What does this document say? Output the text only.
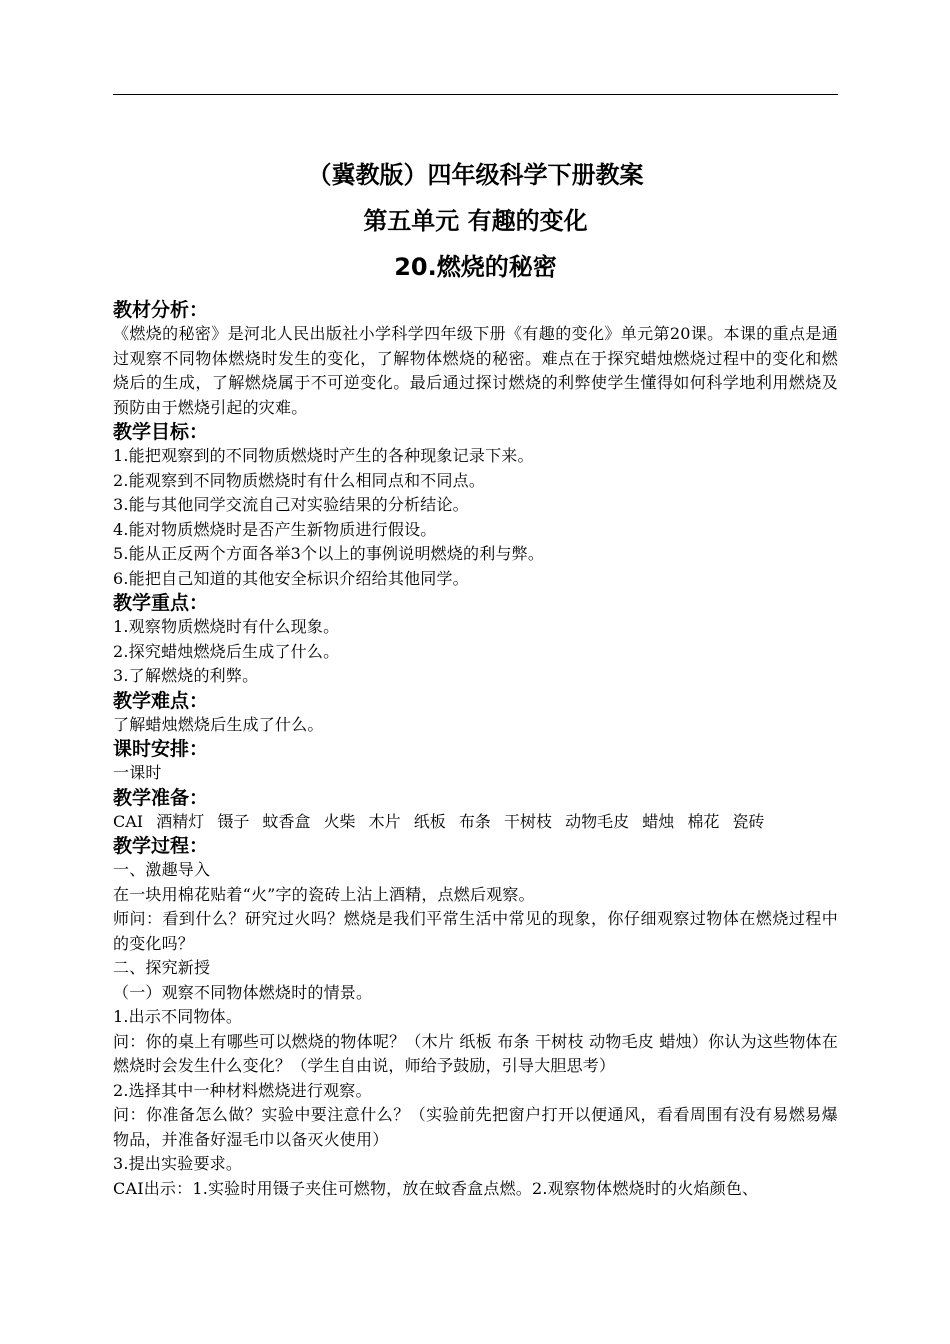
（冀教版）四年级科学下册教案
第五单元 有趣的变化
20.燃烧的秘密
教材分析：

《燃烧的秘密》是河北人民出版社小学科学四年级下册《有趣的变化》单元第20课。本课的重点是通过观察不同物体燃烧时发生的变化，了解物体燃烧的秘密。难点在于探究蜡烛燃烧过程中的变化和燃烧后的生成，了解燃烧属于不可逆变化。最后通过探讨燃烧的利弊使学生懂得如何科学地利用燃烧及预防由于燃烧引起的灾难。

教学目标：

1.能把观察到的不同物质燃烧时产生的各种现象记录下来。

2.能观察到不同物质燃烧时有什么相同点和不同点。

3.能与其他同学交流自己对实验结果的分析结论。

4.能对物质燃烧时是否产生新物质进行假设。

5.能从正反两个方面各举3个以上的事例说明燃烧的利与弊。

6.能把自己知道的其他安全标识介绍给其他同学。

教学重点：

1.观察物质燃烧时有什么现象。

2.探究蜡烛燃烧后生成了什么。

3.了解燃烧的利弊。

教学难点：

了解蜡烛燃烧后生成了什么。

课时安排：

一课时

教学准备：

CAI 酒精灯 镊子 蚊香盒 火柴 木片 纸板 布条 干树枝 动物毛皮 蜡烛 棉花 瓷砖

教学过程：

一、激趣导入

在一块用棉花贴着“火”字的瓷砖上沾上酒精，点燃后观察。

师问：看到什么？研究过火吗？燃烧是我们平常生活中常见的现象，你仔细观察过物体在燃烧过程中的变化吗？

二、探究新授

（一）观察不同物体燃烧时的情景。

1.出示不同物体。

问：你的桌上有哪些可以燃烧的物体呢？（木片 纸板 布条 干树枝 动物毛皮 蜡烛）你认为这些物体在燃烧时会发生什么变化？（学生自由说，师给予鼓励，引导大胆思考）

2.选择其中一种材料燃烧进行观察。

问：你准备怎么做？实验中要注意什么？（实验前先把窗户打开以便通风，看看周围有没有易燃易爆物品，并准备好湿毛巾以备灭火使用）

3.提出实验要求。

CAI出示：1.实验时用镊子夹住可燃物，放在蚊香盒点燃。2.观察物体燃烧时的火焰颜色、
